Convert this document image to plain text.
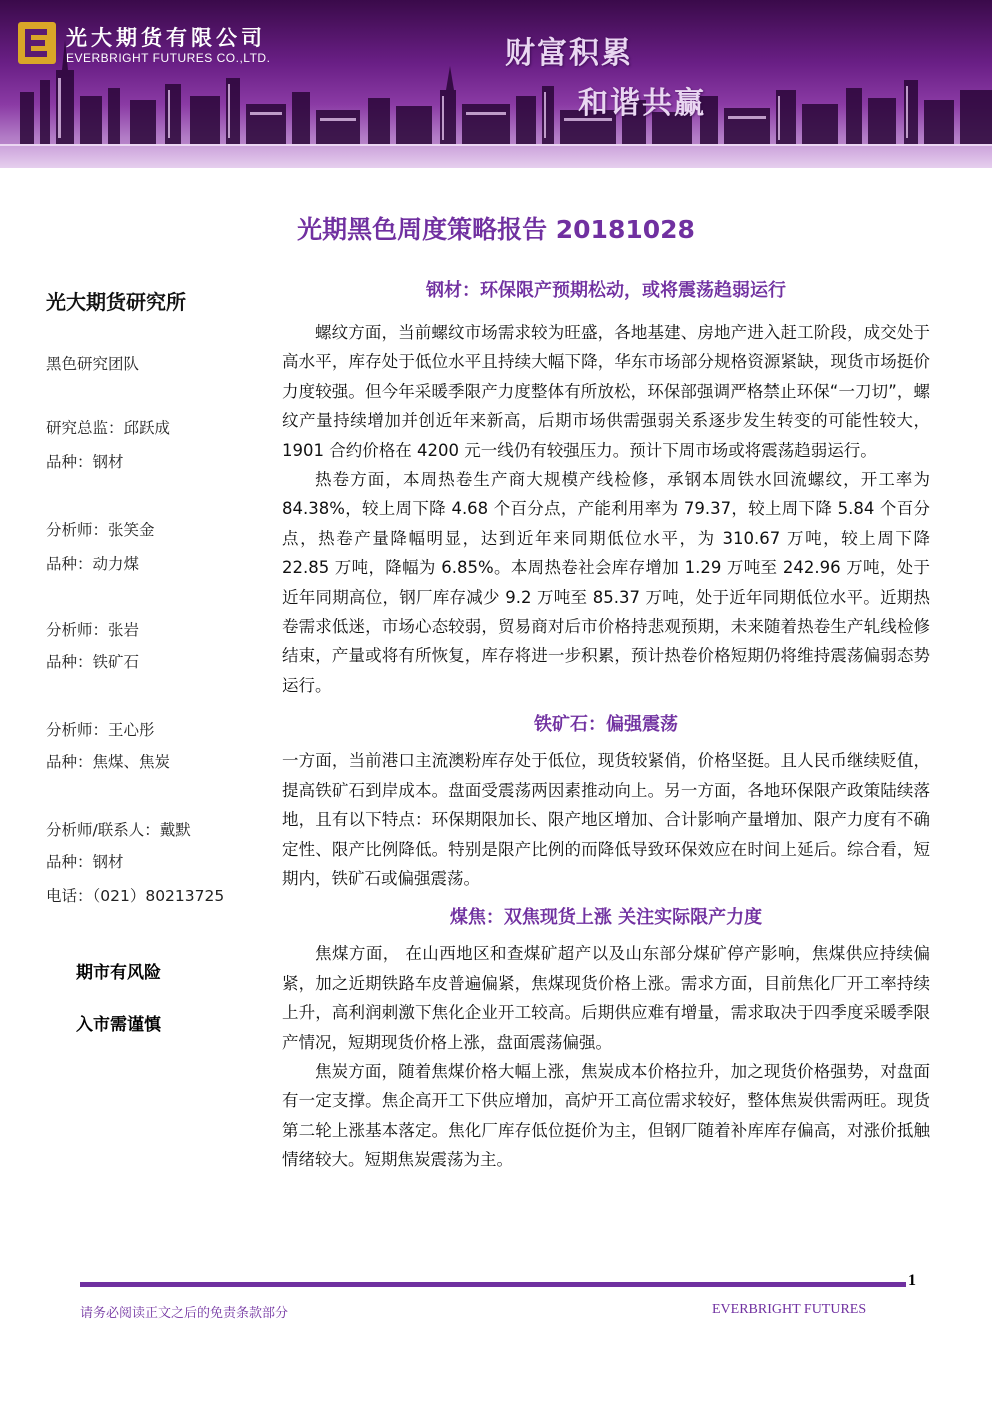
光大期货有限公司
EVERBRIGHT FUTURES CO.,LTD.	财富积累
和谐共赢
光期黑色周度策略报告 20181028
光大期货研究所
黑色研究团队
研究总监：邱跃成
品种：钢材
分析师：张笑金
品种：动力煤
分析师：张岩
品种：铁矿石
分析师：王心彤
品种：焦煤、焦炭
分析师/联系人：戴默
品种：钢材
电话：（021）80213725
期市有风险
入市需谨慎
钢材：环保限产预期松动，或将震荡趋弱运行

螺纹方面，当前螺纹市场需求较为旺盛，各地基建、房地产进入赶工阶段，成交处于高水平，库存处于低位水平且持续大幅下降，华东市场部分规格资源紧缺，现货市场挺价力度较强。但今年采暖季限产力度整体有所放松，环保部强调严格禁止环保“一刀切”，螺纹产量持续增加并创近年来新高，后期市场供需强弱关系逐步发生转变的可能性较大，1901 合约价格在 4200 元一线仍有较强压力。预计下周市场或将震荡趋弱运行。

热卷方面，本周热卷生产商大规模产线检修，承钢本周铁水回流螺纹，开工率为 84.38%，较上周下降 4.68 个百分点，产能利用率为 79.37，较上周下降 5.84 个百分点，热卷产量降幅明显，达到近年来同期低位水平，为 310.67 万吨，较上周下降 22.85 万吨，降幅为 6.85%。本周热卷社会库存增加 1.29 万吨至 242.96 万吨，处于近年同期高位，钢厂库存减少 9.2 万吨至 85.37 万吨，处于近年同期低位水平。近期热卷需求低迷，市场心态较弱，贸易商对后市价格持悲观预期，未来随着热卷生产轧线检修结束，产量或将有所恢复，库存将进一步积累，预计热卷价格短期仍将维持震荡偏弱态势运行。

铁矿石：偏强震荡

一方面，当前港口主流澳粉库存处于低位，现货较紧俏，价格坚挺。且人民币继续贬值，提高铁矿石到岸成本。盘面受震荡两因素推动向上。另一方面，各地环保限产政策陆续落地，且有以下特点：环保期限加长、限产地区增加、合计影响产量增加、限产力度有不确定性、限产比例降低。特别是限产比例的而降低导致环保效应在时间上延后。综合看，短期内，铁矿石或偏强震荡。

煤焦：双焦现货上涨 关注实际限产力度

焦煤方面， 在山西地区和查煤矿超产以及山东部分煤矿停产影响，焦煤供应持续偏紧，加之近期铁路车皮普遍偏紧，焦煤现货价格上涨。需求方面，目前焦化厂开工率持续上升，高利润刺激下焦化企业开工较高。后期供应难有增量，需求取决于四季度采暖季限产情况，短期现货价格上涨，盘面震荡偏强。

焦炭方面，随着焦煤价格大幅上涨，焦炭成本价格拉升，加之现货价格强势，对盘面有一定支撑。焦企高开工下供应增加，高炉开工高位需求较好，整体焦炭供需两旺。现货第二轮上涨基本落定。焦化厂库存低位挺价为主，但钢厂随着补库库存偏高，对涨价抵触情绪较大。短期焦炭震荡为主。

1
请务必阅读正文之后的免责条款部分	EVERBRIGHT FUTURES
